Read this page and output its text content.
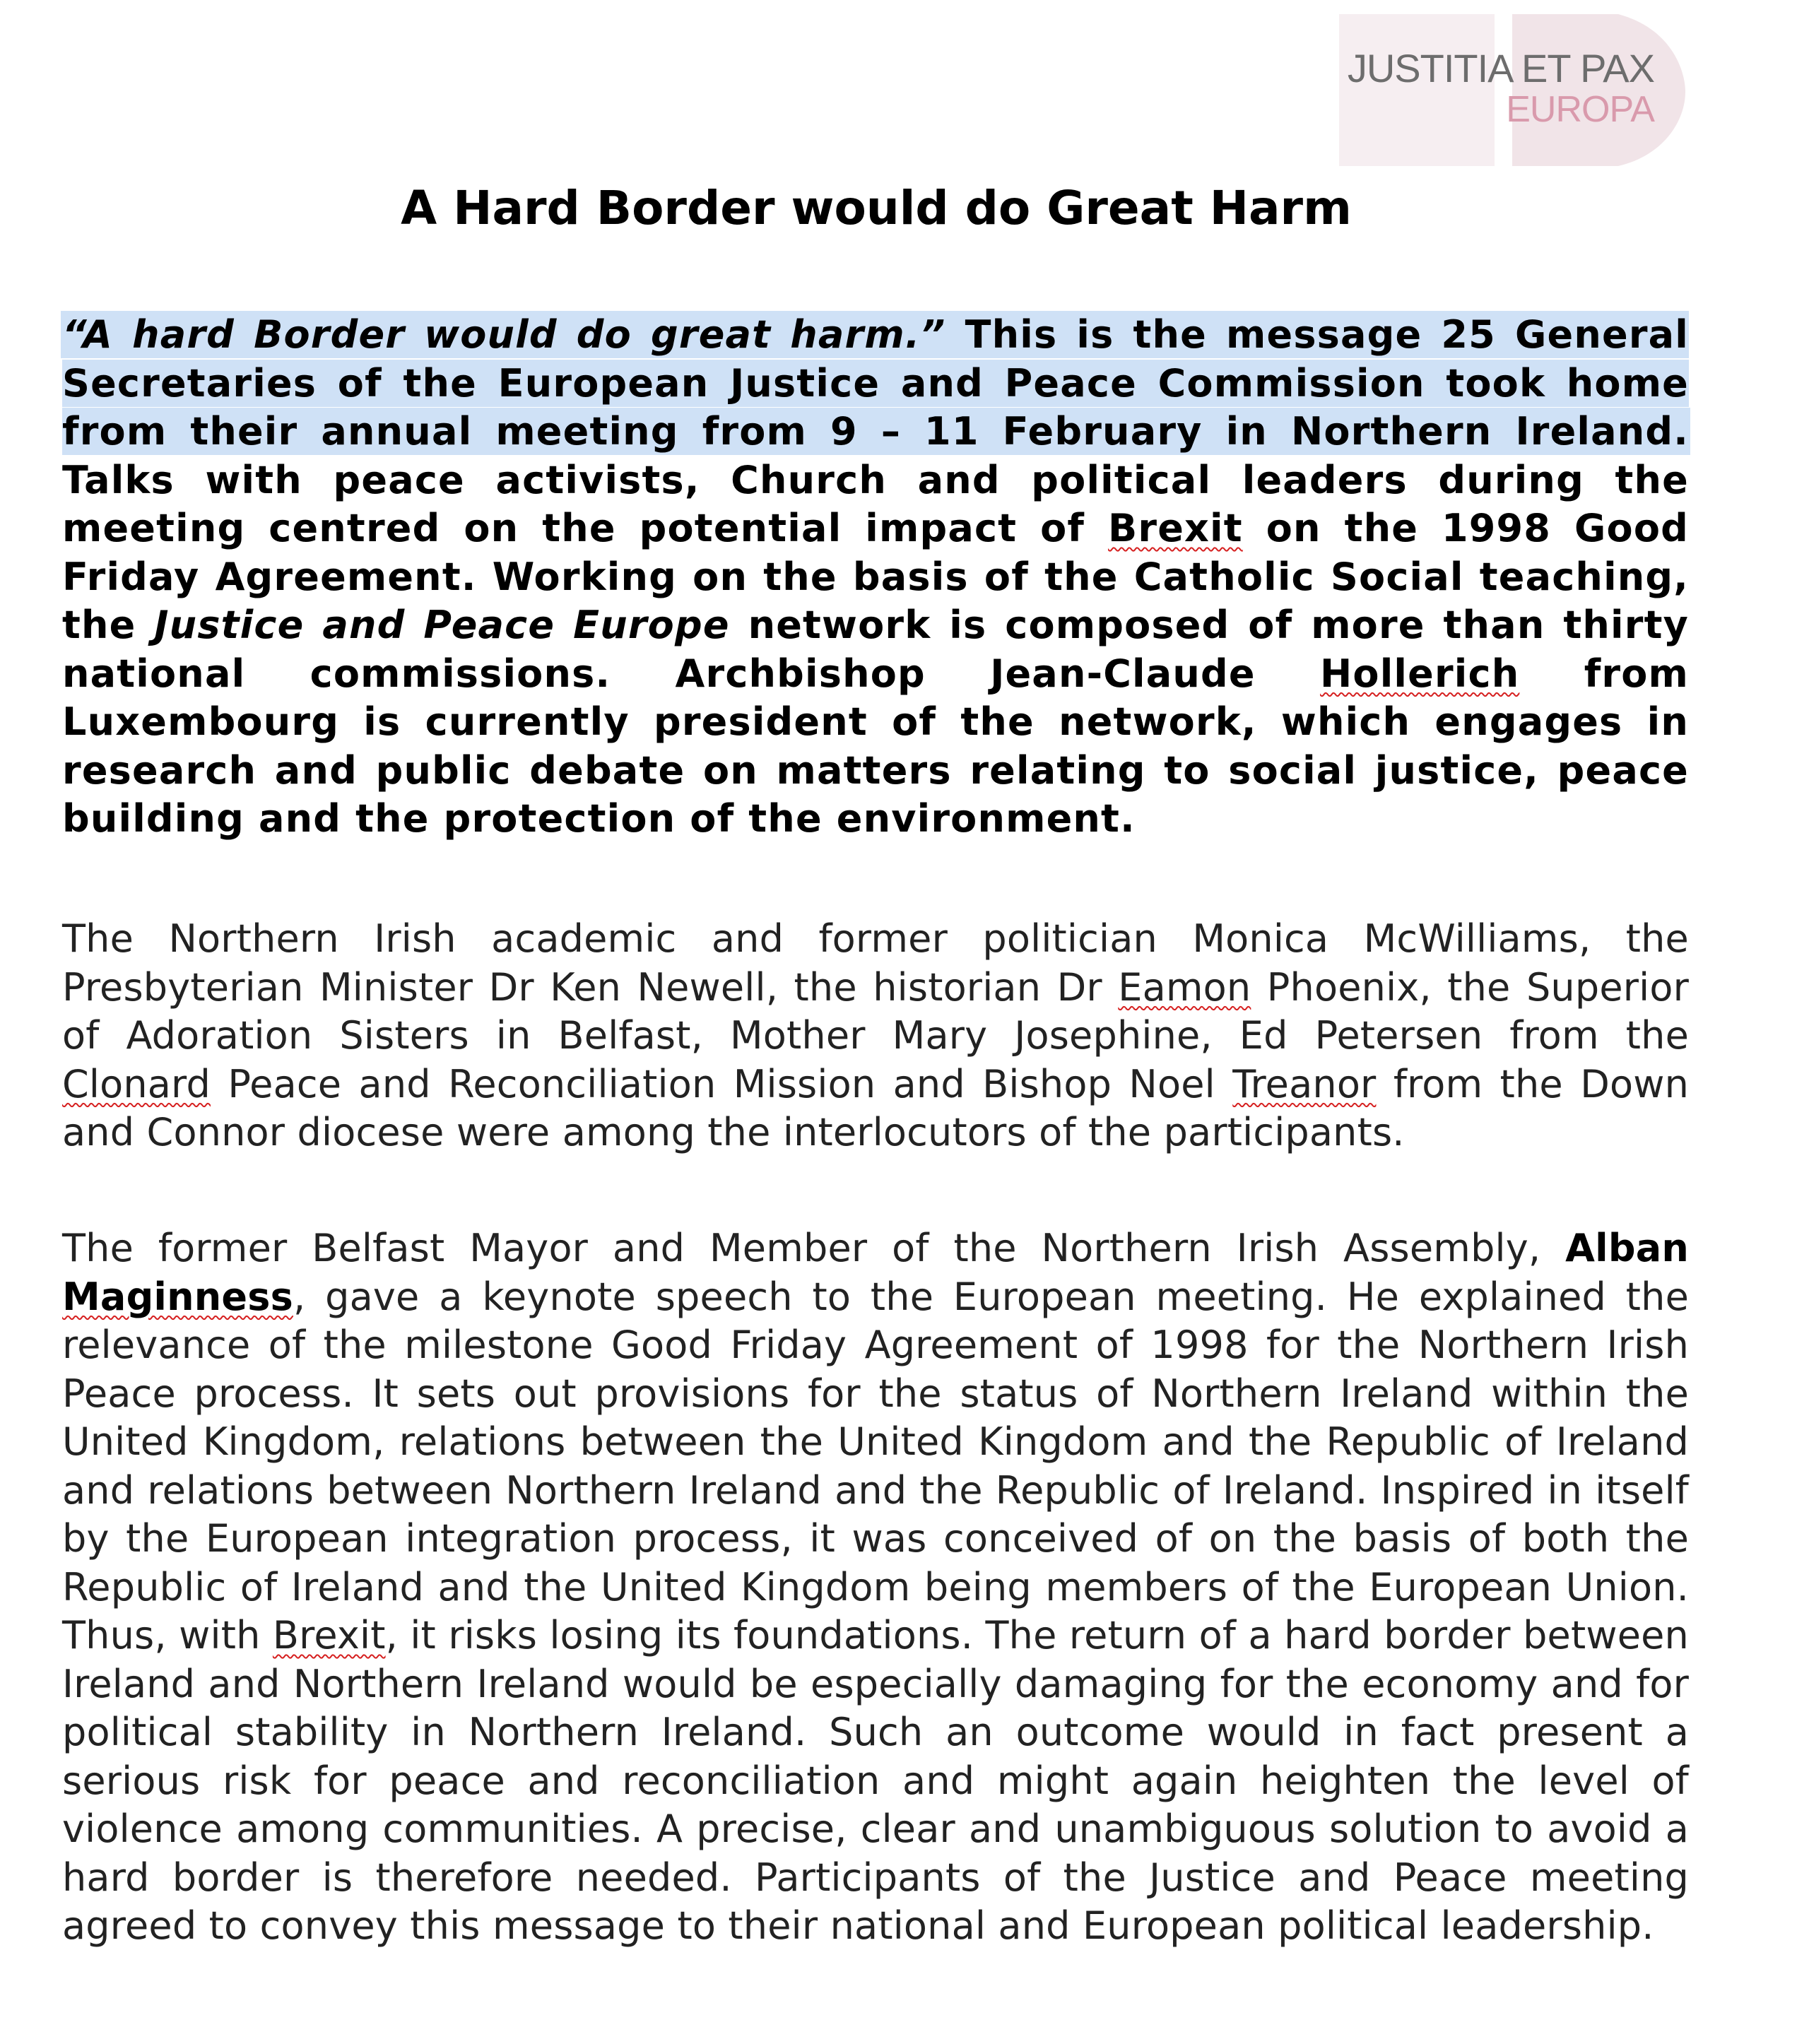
JUSTITIA ET PAX
EUROPA
A Hard Border would do Great Harm

“A hard Border would do great harm.” This is the message 25 General Secretaries of the European Justice and Peace Commission took home from their annual meeting from 9 – 11 February in Northern Ireland. Talks with peace activists, Church and political leaders during the meeting centred on the potential impact of Brexit on the 1998 Good Friday Agreement. Working on the basis of the Catholic Social teaching, the Justice and Peace Europe network is composed of more than thirty national commissions. Archbishop Jean-Claude Hollerich from Luxembourg is currently president of the network, which engages in research and public debate on matters relating to social justice, peace building and the protection of the environment.

The Northern Irish academic and former politician Monica McWilliams, the Presbyterian Minister Dr Ken Newell, the historian Dr Eamon Phoenix, the Superior of Adoration Sisters in Belfast, Mother Mary Josephine, Ed Petersen from the Clonard Peace and Reconciliation Mission and Bishop Noel Treanor from the Down and Connor diocese were among the interlocutors of the participants.

The former Belfast Mayor and Member of the Northern Irish Assembly, Alban Maginness, gave a keynote speech to the European meeting. He explained the relevance of the milestone Good Friday Agreement of 1998 for the Northern Irish Peace process. It sets out provisions for the status of Northern Ireland within the United Kingdom, relations between the United Kingdom and the Republic of Ireland and relations between Northern Ireland and the Republic of Ireland. Inspired in itself by the European integration process, it was conceived of on the basis of both the Republic of Ireland and the United Kingdom being members of the European Union. Thus, with Brexit, it risks losing its foundations. The return of a hard border between Ireland and Northern Ireland would be especially damaging for the economy and for political stability in Northern Ireland. Such an outcome would in fact present a serious risk for peace and reconciliation and might again heighten the level of violence among communities. A precise, clear and unambiguous solution to avoid a hard border is therefore needed. Participants of the Justice and Peace meeting agreed to convey this message to their national and European political leadership.
